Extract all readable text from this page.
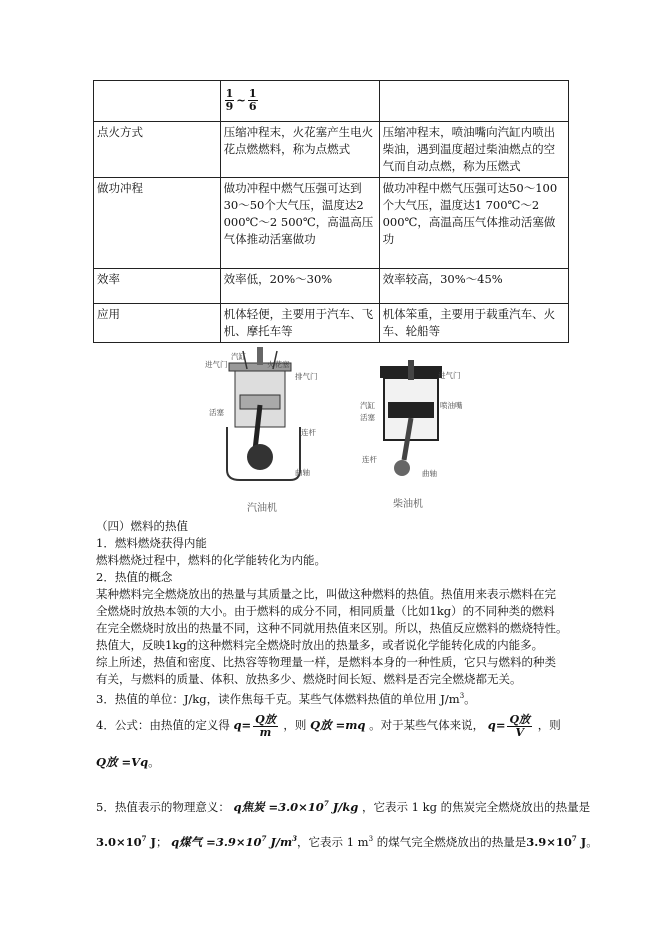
	$\frac{1}{9}$ ~ $\frac{1}{6}$

点火方式	压缩冲程末，火花塞产生电火花点燃燃料，称为点燃式	压缩冲程末，喷油嘴向汽缸内喷出柴油，遇到温度超过柴油燃点的空气而自动点燃，称为压燃式
做功冲程	做功冲程中燃气压强可达到30～50个大气压，温度达2 000℃～2 500℃，高温高压气体推动活塞做功	做功冲程中燃气压强可达50～100个大气压，温度达1 700℃～2 000℃，高温高压气体推动活塞做功
效率	效率低，20%～30%	效率较高，30%～45%
应用	机体轻便，主要用于汽车、飞机、摩托车等	机体笨重，主要用于载重汽车、火车、轮船等
汽缸
火花塞
进气门
排气门
活塞
连杆
曲轴
汽油机
进气门
汽缸
活塞
喷油嘴
连杆
曲轴
柴油机
（四）燃料的热值
1．燃料燃烧获得内能
燃料燃烧过程中，燃料的化学能转化为内能。
2．热值的概念
某种燃料完全燃烧放出的热量与其质量之比，叫做这种燃料的热值。热值用来表示燃料在完
全燃烧时放热本领的大小。由于燃料的成分不同，相同质量（比如1kg）的不同种类的燃料
在完全燃烧时放出的热量不同，这种不同就用热值来区别。所以，热值反应燃料的燃烧特性。
热值大，反映1kg的这种燃料完全燃烧时放出的热量多，或者说化学能转化成的内能多。
综上所述，热值和密度、比热容等物理量一样，是燃料本身的一种性质，它只与燃料的种类
有关，与燃料的质量、体积、放热多少、燃烧时间长短、燃料是否完全燃烧都无关。
3．热值的单位：J/kg，读作焦每千克。某些气体燃料热值的单位用 $J/m^3$。
4．公式：由热值的定义得 q= Q放
m ，则 Q放 =mq 。对于某些气体来说， q= Q放
V ，则
Q放 =Vq。
5．热值表示的物理意义： q焦炭 $=3.0\times 10^7$ J/kg ，它表示 1 kg 的焦炭完全燃烧放出的热量是
$3.0\times 10^7$ J； q煤气 $=3.9\times 10^7$ $J/m^3$，它表示 1 $m^3$ 的煤气完全燃烧放出的热量是$3.9\times 10^7$ J。
